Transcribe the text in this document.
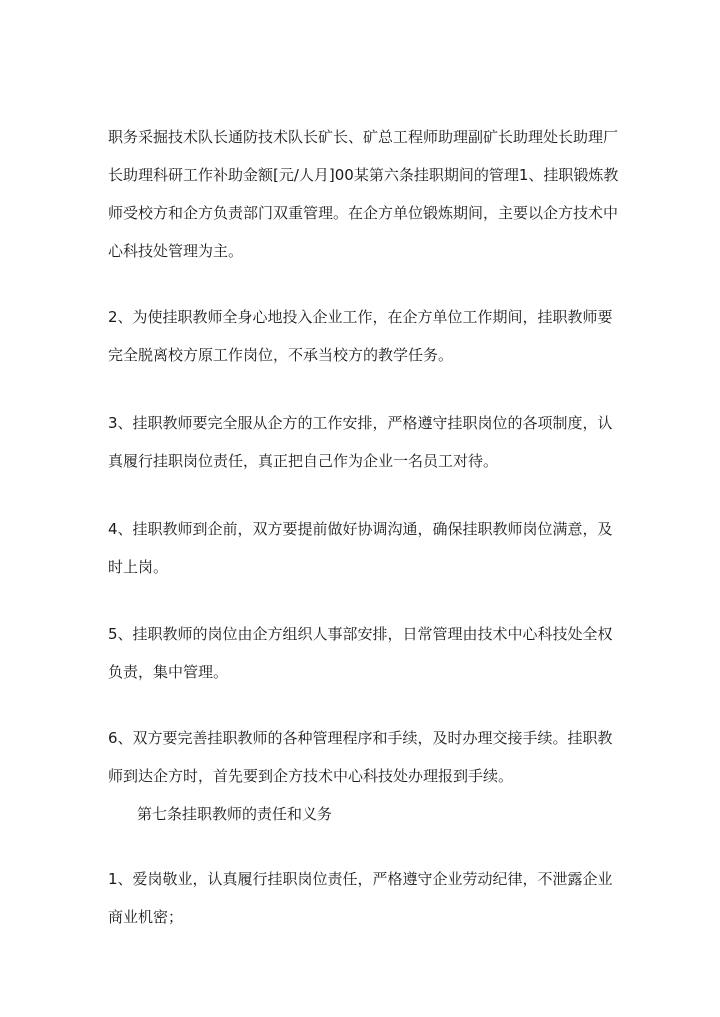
职务采掘技术队长通防技术队长矿长、矿总工程师助理副矿长助理处长助理厂长助理科研工作补助金额[元/人月]00某第六条挂职期间的管理1、挂职锻炼教师受校方和企方负责部门双重管理。在企方单位锻炼期间，主要以企方技术中心科技处管理为主。

2、为使挂职教师全身心地投入企业工作，在企方单位工作期间，挂职教师要完全脱离校方原工作岗位，不承当校方的教学任务。

3、挂职教师要完全服从企方的工作安排，严格遵守挂职岗位的各项制度，认真履行挂职岗位责任，真正把自己作为企业一名员工对待。

4、挂职教师到企前，双方要提前做好协调沟通，确保挂职教师岗位满意，及时上岗。

5、挂职教师的岗位由企方组织人事部安排，日常管理由技术中心科技处全权负责，集中管理。

6、双方要完善挂职教师的各种管理程序和手续，及时办理交接手续。挂职教师到达企方时，首先要到企方技术中心科技处办理报到手续。

第七条挂职教师的责任和义务

1、爱岗敬业，认真履行挂职岗位责任，严格遵守企业劳动纪律，不泄露企业商业机密；
